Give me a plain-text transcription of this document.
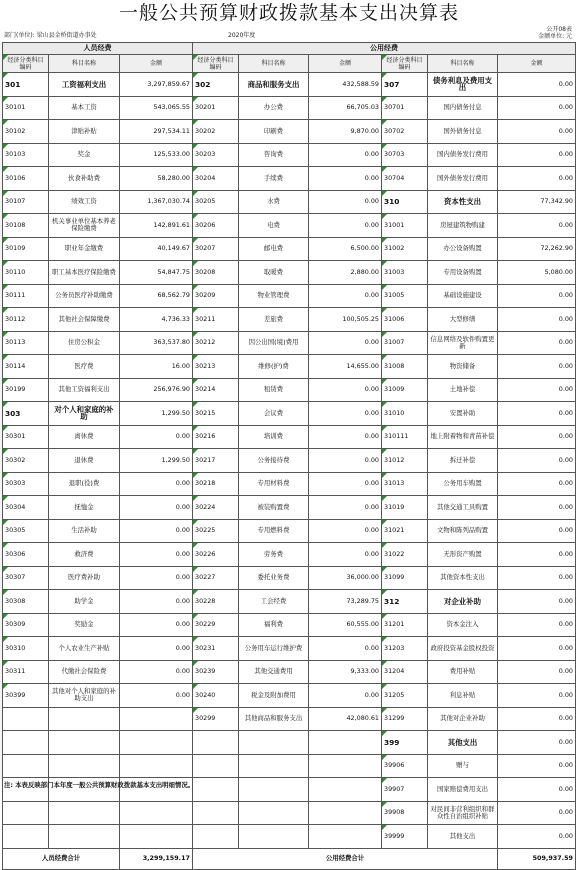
一般公共预算财政拨款基本支出决算表
公开08表
部门(单位): 梁山县金桥街道办事处	2020年度	金额单位: 元
人员经费			公用经费					
经济分类科目编码	科目名称	金额	经济分类科目编码	科目名称	金额	经济分类科目编码	科目名称	金额
301	工资福利支出	3,297,859.67	302	商品和服务支出	432,588.59	307	债务利息及费用支出	0.00
30101	基本工资	543,065.55	30201	办公费	66,705.03	30701	国内债务付息	0.00
30102	津贴补贴	297,534.11	30202	印刷费	9,870.00	30702	国外债务付息	0.00
30103	奖金	125,533.00	30203	咨询费	0.00	30703	国内债务发行费用	0.00
30106	伙食补助费	58,280.00	30204	手续费	0.00	30704	国外债务发行费用	0.00
30107	绩效工资	1,367,030.74	30205	水费	0.00	310	资本性支出	77,342.90
30108	机关事业单位基本养老保险缴费	142,891.61	30206	电费	0.00	31001	房屋建筑物购建	0.00
30109	职业年金缴费	40,149.67	30207	邮电费	6,500.00	31002	办公设备购置	72,262.90
30110	职工基本医疗保险缴费	54,847.75	30208	取暖费	2,880.00	31003	专用设备购置	5,080.00
30111	公务员医疗补助缴费	68,562.79	30209	物业管理费	0.00	31005	基础设施建设	0.00
30112	其他社会保障缴费	4,736.33	30211	差旅费	100,505.25	31006	大型修缮	0.00
30113	住房公积金	363,537.80	30212	因公出国(境)费用	0.00	31007	信息网络及软件购置更新	0.00
30114	医疗费	16.00	30213	维修(护)费	14,655.00	31008	物资储备	0.00
30199	其他工资福利支出	256,976.90	30214	租赁费	0.00	31009	土地补偿	0.00
303	对个人和家庭的补助	1,299.50	30215	会议费	0.00	31010	安置补助	0.00
30301	离休费	0.00	30216	培训费	0.00	310111	地上附着物和青苗补偿	0.00
30302	退休费	1,299.50	30217	公务接待费	0.00	31012	拆迁补偿	0.00
30303	退职(役)费	0.00	30218	专用材料费	0.00	31013	公务用车购置	0.00
30304	抚恤金	0.00	30224	被装购置费	0.00	31019	其他交通工具购置	0.00
30305	生活补助	0.00	30225	专用燃料费	0.00	31021	文物和陈列品购置	0.00
30306	救济费	0.00	30226	劳务费	0.00	31022	无形资产购置	0.00
30307	医疗费补助	0.00	30227	委托业务费	36,000.00	31099	其他资本性支出	0.00
30308	助学金	0.00	30228	工会经费	73,289.75	312	对企业补助	0.00
30309	奖励金	0.00	30229	福利费	60,555.00	31201	资本金注入	0.00
30310	个人农业生产补贴	0.00	30231	公务用车运行维护费	0.00	31203	政府投资基金股权投资	0.00
30311	代缴社会保险费	0.00	30239	其他交通费用	9,333.00	31204	费用补贴	0.00
30399	其他对个人和家庭的补助支出	0.00	30240	税金及附加费用	0.00	31205	利息补贴	0.00
			30299	其他商品和服务支出	42,080.61	31299	其他对企业补助	0.00
						399	其他支出	0.00
						39906	赠与	0.00
						39907	国家赔偿费用支出	0.00
						39908	对民间非营利组织和群众性自治组织补贴	0.00
						39999	其他支出	0.00
人员经费合计		3,299,159.17	公用经费合计					509,937.59
注: 本表反映部门本年度一般公共预算财政拨款基本支出明细情况。
